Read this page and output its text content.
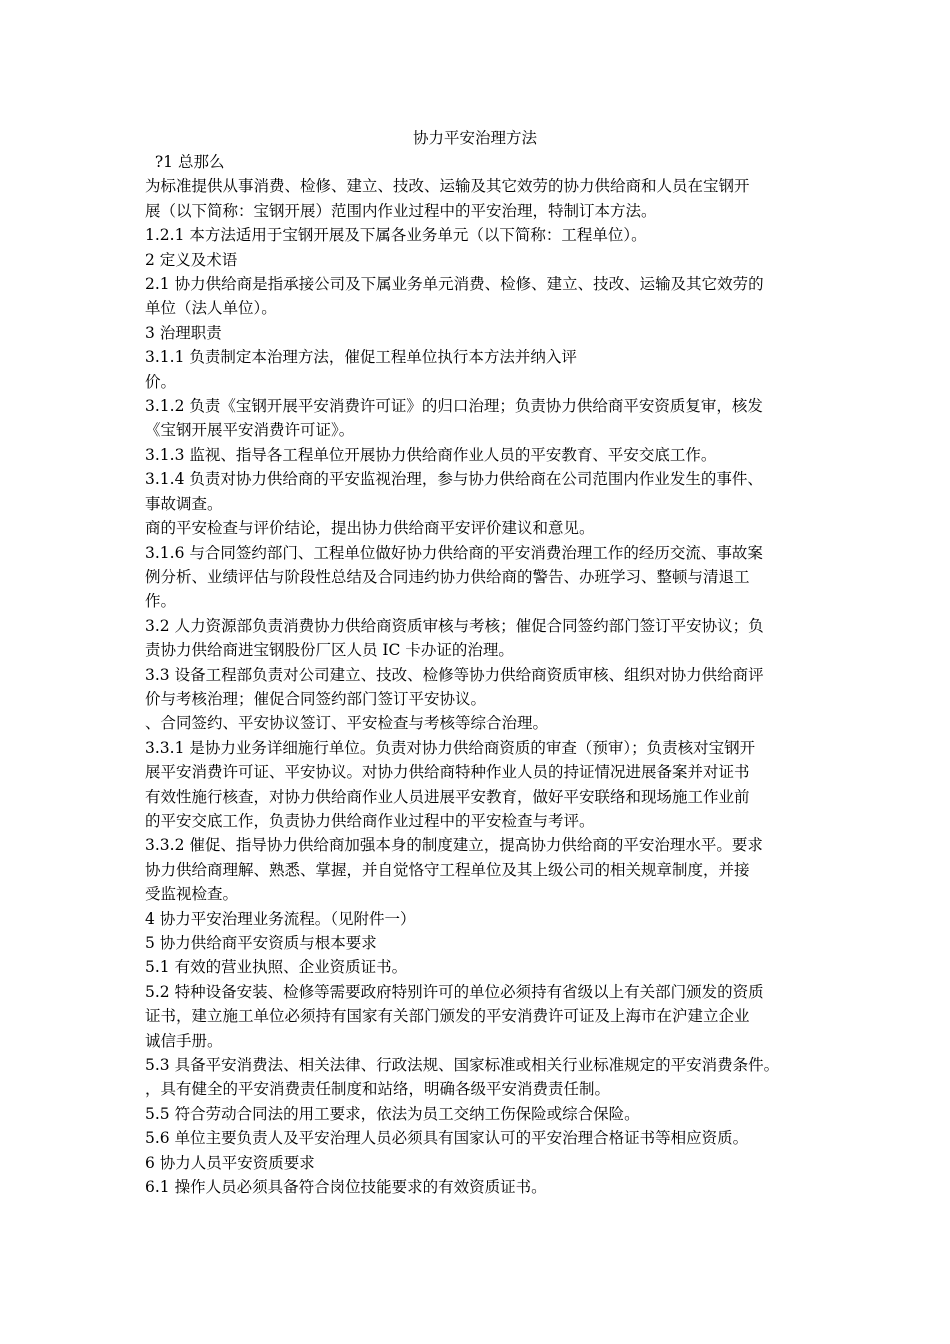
协力平安治理方法

?1 总那么

为标准提供从事消费、检修、建立、技改、运输及其它效劳的协力供给商和人员在宝钢开
展（以下简称：宝钢开展）范围内作业过程中的平安治理，特制订本方法。

1.2.1 本方法适用于宝钢开展及下属各业务单元（以下简称：工程单位）。

2 定义及术语

2.1 协力供给商是指承接公司及下属业务单元消费、检修、建立、技改、运输及其它效劳的
单位（法人单位）。

3 治理职责

3.1.1 负责制定本治理方法，催促工程单位执行本方法并纳入评
价。

3.1.2 负责《宝钢开展平安消费许可证》的归口治理；负责协力供给商平安资质复审，核发
《宝钢开展平安消费许可证》。

3.1.3 监视、指导各工程单位开展协力供给商作业人员的平安教育、平安交底工作。

3.1.4 负责对协力供给商的平安监视治理，参与协力供给商在公司范围内作业发生的事件、
事故调查。

商的平安检查与评价结论，提出协力供给商平安评价建议和意见。

3.1.6 与合同签约部门、工程单位做好协力供给商的平安消费治理工作的经历交流、事故案
例分析、业绩评估与阶段性总结及合同违约协力供给商的警告、办班学习、整顿与清退工
作。

3.2 人力资源部负责消费协力供给商资质审核与考核；催促合同签约部门签订平安协议；负
责协力供给商进宝钢股份厂区人员 IC 卡办证的治理。

3.3 设备工程部负责对公司建立、技改、检修等协力供给商资质审核、组织对协力供给商评
价与考核治理；催促合同签约部门签订平安协议。

、合同签约、平安协议签订、平安检查与考核等综合治理。

3.3.1 是协力业务详细施行单位。负责对协力供给商资质的审查（预审）；负责核对宝钢开
展平安消费许可证、平安协议。对协力供给商特种作业人员的持证情况进展备案并对证书
有效性施行核查，对协力供给商作业人员进展平安教育，做好平安联络和现场施工作业前
的平安交底工作，负责协力供给商作业过程中的平安检查与考评。

3.3.2 催促、指导协力供给商加强本身的制度建立，提高协力供给商的平安治理水平。要求
协力供给商理解、熟悉、掌握，并自觉恪守工程单位及其上级公司的相关规章制度，并接
受监视检查。

4 协力平安治理业务流程。（见附件一）

5 协力供给商平安资质与根本要求

5.1 有效的营业执照、企业资质证书。

5.2 特种设备安装、检修等需要政府特别许可的单位必须持有省级以上有关部门颁发的资质
证书，建立施工单位必须持有国家有关部门颁发的平安消费许可证及上海市在沪建立企业
诚信手册。

5.3 具备平安消费法、相关法律、行政法规、国家标准或相关行业标准规定的平安消费条件。

，具有健全的平安消费责任制度和站络，明确各级平安消费责任制。

5.5 符合劳动合同法的用工要求，依法为员工交纳工伤保险或综合保险。

5.6 单位主要负责人及平安治理人员必须具有国家认可的平安治理合格证书等相应资质。

6 协力人员平安资质要求

6.1 操作人员必须具备符合岗位技能要求的有效资质证书。
